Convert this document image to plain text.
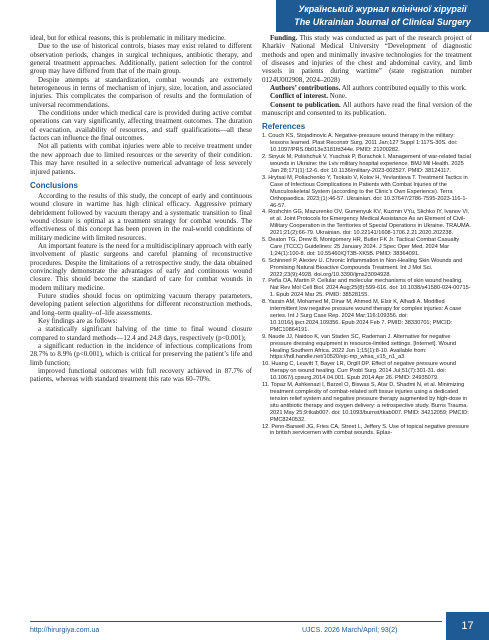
Український журнал клінічної хірургії
The Ukrainian Journal of Clinical Surgery

ideal, but for ethical reasons, this is problematic in military medicine.

Due to the use of historical controls, biases may exist related to different observation periods, changes in surgical techniques, antibiotic therapy, and general treatment approaches. Additionally, patient selection for the control group may have differed from that of the main group.

Despite attempts at standardization, combat wounds are extremely heterogeneous in terms of mechanism of injury, size, location, and associated injuries. This complicates the comparison of results and the formulation of universal recommendations.

The conditions under which medical care is provided during active combat operations can vary significantly, affecting treatment outcomes. The duration of evacuation, availability of resources, and staff qualifications—all these factors can influence the final outcomes.

Not all patients with combat injuries were able to receive treatment under the new approach due to limited resources or the severity of their condition. This may have resulted in a selective numerical advantage of less severely injured patients.

Conclusions

According to the results of this study, the concept of early and continuous wound closure in wartime has high clinical efficacy. Aggressive primary debridement followed by vacuum therapy and a systematic transition to final wound closure is optimal as a treatment strategy for combat wounds. The effectiveness of this concept has been proven in the real-world conditions of military medicine with limited resources.

An important feature is the need for a multidisciplinary approach with early involvement of plastic surgeons and careful planning of reconstructive procedures. Despite the limitations of a retrospective study, the data obtained convincingly demonstrate the advantages of early and continuous wound closure. This should become the standard of care for combat wounds in modern military medicine.

Future studies should focus on optimizing vacuum therapy parameters, developing patient selection algorithms for different reconstruction methods, and long–term quality–of–life assessments.

Key findings are as follows:

a statistically significant halving of the time to final wound closure compared to standard methods—12.4 and 24.8 days, respectively (p<0.001);

a significant reduction in the incidence of infectious complications from 28.7% to 8.9% (p<0.001), which is critical for preserving the patient’s life and limb function;

improved functional outcomes with full recovery achieved in 87.7% of patients, whereas with standard treatment this rate was 60–70%.

Funding. This study was conducted as part of the research project of Kharkiv National Medical University “Development of diagnostic methods and open and minimally invasive technologies for the treatment of diseases and injuries of the chest and abdominal cavity, and limb vessels in patients during wartime” (state registration number 0124U002908, 2024–2028)

Authors’ contributions. All authors contributed equally to this work.

Conflict of interest. None.

Consent to publication. All authors have read the final version of the manuscript and consented to its publication.

References
1. Couch KS, Stojadinovic A. Negative-pressure wound therapy in the military: lessons learned. Plast Reconstr Surg. 2011 Jan;127 Suppl 1:117S-30S. doi: 10.1097/PRS.0b013e3181fd344e. PMID: 21200282.
2. Sinyuk M, Polishchuk V, Yuschak P, Burachok I. Management of war-related facial wounds in Ukraine: the Lviv military hospital experience. BMJ Mil Health. 2025 Jan 28;171(1):12-6. doi: 10.1136/military-2023-002527. PMID: 38124117.
3. Hrytsai M, Poliachenko Y, Tsokalo V, Kolov H, Yevlantieva T. Treatment Tactics in Case of Infectious Complications in Patients with Combat Injuries of the Musculoskeletal System (according to the Clinic’s Own Experience). Terra Orthopaedica. 2023;(1):46-57. Ukrainian. doi: 10.37647/2786-7595-2023-116-1-46-57.
4. Roshchin GG, Mazurenko OV, Gumenyuk KV, Kuzmin VYu, Slichko IY, Ivanov VI, et al. Joint Protocols for Emergency Medical Assistance As an Element of Civil-Military Cooperation in the Territories of Special Operations in Ukraine. TRAUMA. 2021;21(2):66-79. Ukrainian. doi: 10.22141/1608-1706.2.21.2020.202238.
5. Deaton TG, Drew B, Montgomery HR, Butler FK Jr. Tactical Combat Casualty Care (TCCC) Guidelines: 25 January 2024. J Spec Oper Med. 2024 Mar 1;24(1):100-8. doi: 10.55460/QT3B-XK5B. PMID: 38364091.
6. Schinnerl P, Alexiev U. Chronic Inflammation in Non-Healing Skin Wounds and Promising Natural Bioactive Compounds Treatment. Int J Mol Sci. 2022;23(9):4928. doi.org/10.3390/ijms23094928.
7. Peña OA, Martin P. Cellular and molecular mechanisms of skin wound healing. Nat Rev Mol Cell Biol. 2024 Aug;25(8):599-616. doi: 10.1038/s41580-024-00715-1. Epub 2024 Mar 25. PMID: 38528155.
8. Yassin AM, Mohamed M, Dinar M, Ahmed M, Elsir K, Alhadi A. Modified intermittent low negative pressure wound therapy for complex injuries: A case series. Int J Surg Case Rep. 2024 Mar;116:109356. doi: 10.1016/j.ijscr.2024.109356. Epub 2024 Feb 7. PMID: 38330701; PMCID: PMC10864191.
9. Naude JJ, Naidoo K, van Staden SC, Rademan J. Alternative for negative pressure dressing equipment in resource-limited settings. [Internet]. Wound Healing Southern Africa. 2022 Jun 1;15(1):8-10. Available from: https://hdl.handle.net/10520/ejc-mp_whsa_v15_n1_a3
10. Huang C, Leavitt T, Bayer LR, Orgill DP. Effect of negative pressure wound therapy on wound healing. Curr Probl Surg. 2014 Jul;51(7):301-31. doi: 10.1067/j.cpsurg.2014.04.001. Epub 2014 Apr 26. PMID: 24935079.
11. Topaz M, Ashkenazi I, Barzel O, Biswas S, Atar D, Shadmi N, et al. Minimizing treatment complexity of combat-related soft tissue injuries using a dedicated tension relief system and negative pressure therapy augmented by high-dose in situ antibiotic therapy and oxygen delivery: a retrospective study. Burns Trauma. 2021 May 25;9:tkab007. doi: 10.1093/burnst/tkab007. PMID: 34212059; PMCID: PMC8240532.
12. Penn-Barwell JG, Fries CA, Street L, Jeffery S. Use of topical negative pressure in british servicemen with combat wounds. Eplas-
http://hirurgiya.com.ua	UJCS. 2026 March/April; 93(2)	17
